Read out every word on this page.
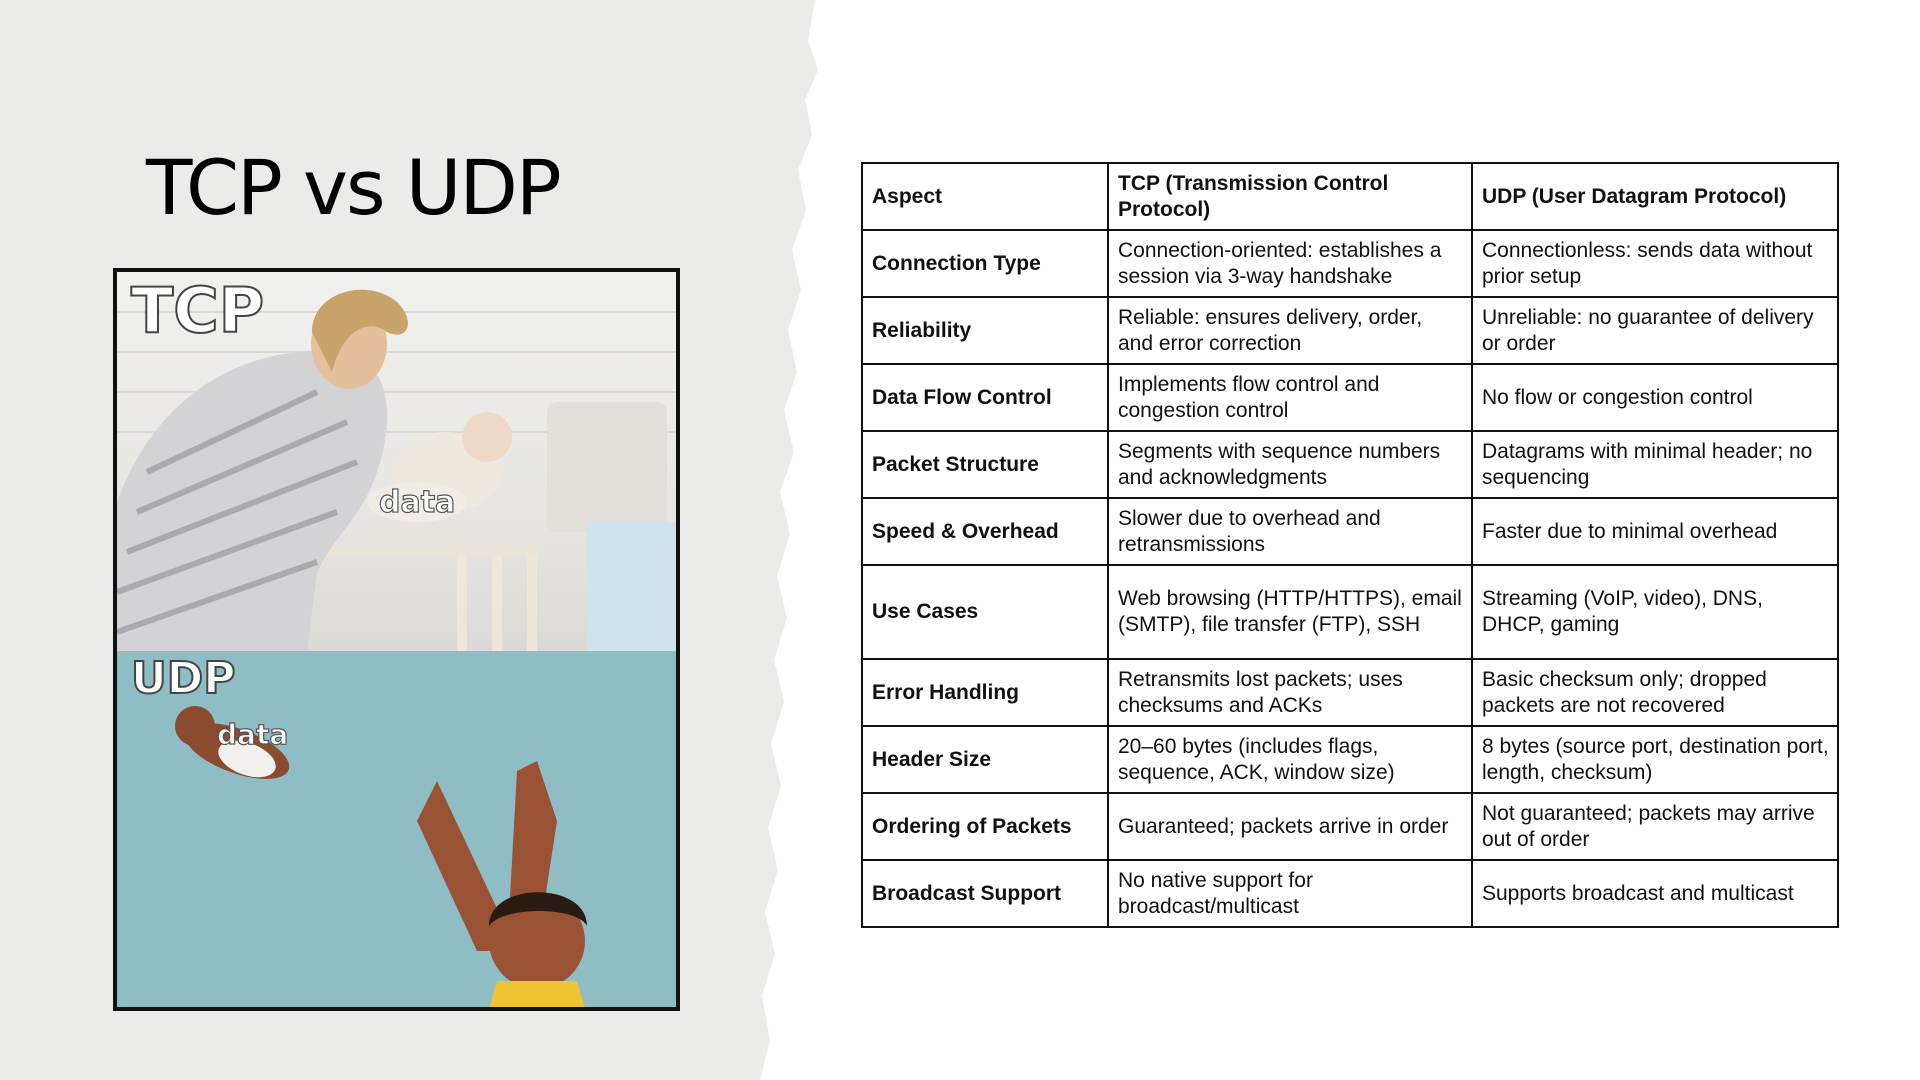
TCP vs UDP
TCP
data
UDP
data
Aspect	TCP (Transmission Control Protocol)	UDP (User Datagram Protocol)
Connection Type	Connection-oriented: establishes a session via 3-way handshake	Connectionless: sends data without prior setup
Reliability	Reliable: ensures delivery, order, and error correction	Unreliable: no guarantee of delivery or order
Data Flow Control	Implements flow control and congestion control	No flow or congestion control
Packet Structure	Segments with sequence numbers and acknowledgments	Datagrams with minimal header; no sequencing
Speed & Overhead	Slower due to overhead and retransmissions	Faster due to minimal overhead
Use Cases	Web browsing (HTTP/HTTPS), email (SMTP), file transfer (FTP), SSH	Streaming (VoIP, video), DNS, DHCP, gaming
Error Handling	Retransmits lost packets; uses checksums and ACKs	Basic checksum only; dropped packets are not recovered
Header Size	20–60 bytes (includes flags, sequence, ACK, window size)	8 bytes (source port, destination port, length, checksum)
Ordering of Packets	Guaranteed; packets arrive in order	Not guaranteed; packets may arrive out of order
Broadcast Support	No native support for broadcast/multicast	Supports broadcast and multicast
